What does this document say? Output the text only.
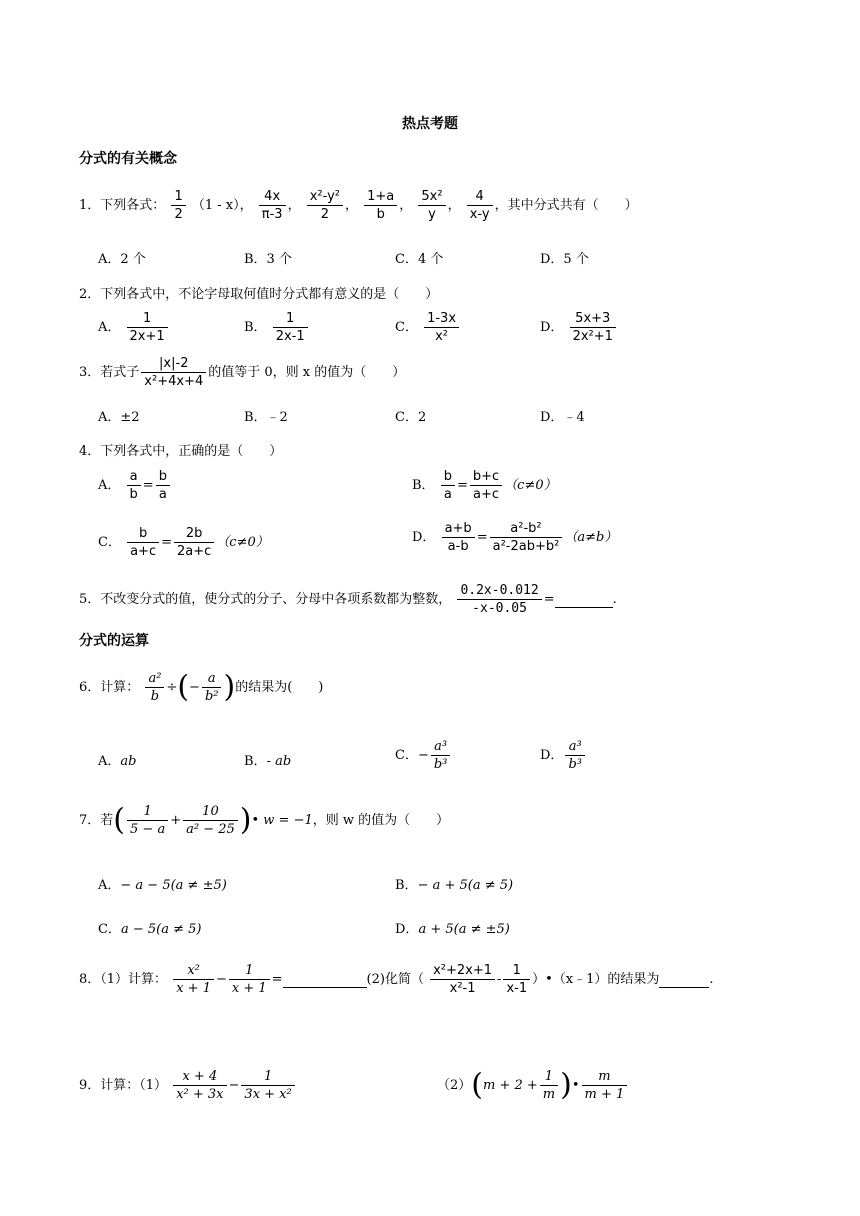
热点考题
分式的有关概念
1．下列各式： $\frac{1}{2} (1 - x)$， $\frac{4x}{\pi-3}$ ， $\frac{\text{x²-y²}}{2}$ ， $\frac{1+a}{b}$ ， $\frac{\text{5x²}}{y}$ ， $\frac{4}{x-y}$ ，其中分式共有（　　）
A．2 个	B．3 个	C．4 个	D．5 个
2．下列各式中，不论字母取何值时分式都有意义的是（　　）
A． $\frac{1}{2x+1}$	B． $\frac{1}{2x-1}$	C． $\frac{1-3x}{\text{x²}}$	D． $\frac{5x+3}{\text{2x²+1}}$
3．若式子 $\frac{|x|-2}{\text{x²+4x+4}}$ 的值等于 0，则 x 的值为（　　）
A．±2	B．﹣2	C．2	D．﹣4
4．下列各式中，正确的是（　　）
A． $\frac{a}{b} = \frac{b}{a}$	B． $\frac{b}{a} = \frac{b+c}{a+c} (c\ne 0)$
C． $\frac{b}{a+c} = \frac{2b}{2a+c} (c\ne 0)$	D． $\frac{a+b}{a-b} = \frac{\text{a²-b²}}{\text{a²-2ab+b²}} (a\ne b)$
5．不改变分式的值，使分式的分子、分母中各项系数都为整数， $\frac{0.2x-0.012}{-x-0.05}$ =	.
分式的运算
6．计算： $\frac{\text{a²}}{b}$ ÷(− $\frac{a}{\text{b²}}$ )的结果为(　　)
A．ab	B．- ab	C．− $\frac{\text{a³}}{\text{b³}}$	D． $\frac{\text{a³}}{\text{b³}}$
7．若( $\frac{1}{5 - a} + \frac{10}{\text{a² − 25}}$ )• w = −1，则 w 的值为（　　）
A．− a − 5(a ≠ ±5)	B．− a + 5(a ≠ 5)
C．a − 5(a ≠ 5)	D．a + 5(a ≠ ±5)
8．（1）计算： $\frac{\text{x²}}{x + 1} - \frac{1}{x + 1}$ =	(2)化简（ $\frac{\text{x²+2x+1}}{\text{x²-1}} - \frac{1}{x-1}$ ）•（x﹣1）的结果为	.
9．计算：$(1) \frac{x + 4}{\text{x² + 3x}} - \frac{1}{\text{3x + x²}}$	$(2)(m + 2 + \frac{1}{m}$ )• $\frac{m}{m + 1}$
